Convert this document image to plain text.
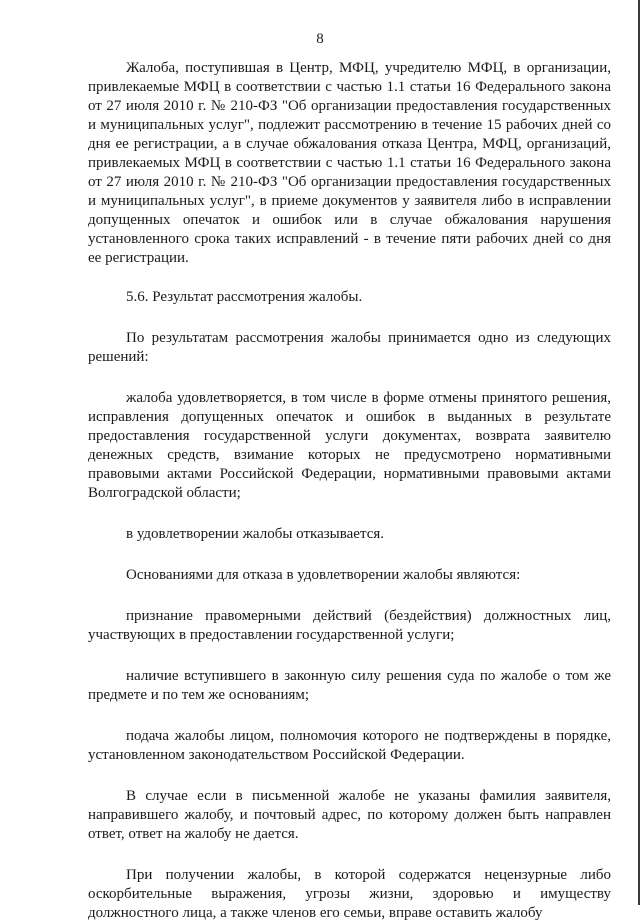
8

Жалоба, поступившая в Центр, МФЦ, учредителю МФЦ, в организации, привлекаемые МФЦ в соответствии с частью 1.1 статьи 16 Федерального закона от 27 июля 2010 г. № 210-ФЗ "Об организации предоставления государственных и муниципальных услуг", подлежит рассмотрению в течение 15 рабочих дней со дня ее регистрации, а в случае обжалования отказа Центра, МФЦ, организаций, привлекаемых МФЦ в соответствии с частью 1.1 статьи 16 Федерального закона от 27 июля 2010 г. № 210-ФЗ "Об организации предоставления государственных и муниципальных услуг", в приеме документов у заявителя либо в исправлении допущенных опечаток и ошибок или в случае обжалования нарушения установленного срока таких исправлений - в течение пяти рабочих дней со дня ее регистрации.

5.6. Результат рассмотрения жалобы.

По результатам рассмотрения жалобы принимается одно из следующих решений:

жалоба удовлетворяется, в том числе в форме отмены принятого решения, исправления допущенных опечаток и ошибок в выданных в результате предоставления государственной услуги документах, возврата заявителю денежных средств, взимание которых не предусмотрено нормативными правовыми актами Российской Федерации, нормативными правовыми актами Волгоградской области;

в удовлетворении жалобы отказывается.

Основаниями для отказа в удовлетворении жалобы являются:

признание правомерными действий (бездействия) должностных лиц, участвующих в предоставлении государственной услуги;

наличие вступившего в законную силу решения суда по жалобе о том же предмете и по тем же основаниям;

подача жалобы лицом, полномочия которого не подтверждены в порядке, установленном законодательством Российской Федерации.

В случае если в письменной жалобе не указаны фамилия заявителя, направившего жалобу, и почтовый адрес, по которому должен быть направлен ответ, ответ на жалобу не дается.

При получении жалобы, в которой содержатся нецензурные либо оскорбительные выражения, угрозы жизни, здоровью и имуществу должностного лица, а также членов его семьи, вправе оставить жалобу
